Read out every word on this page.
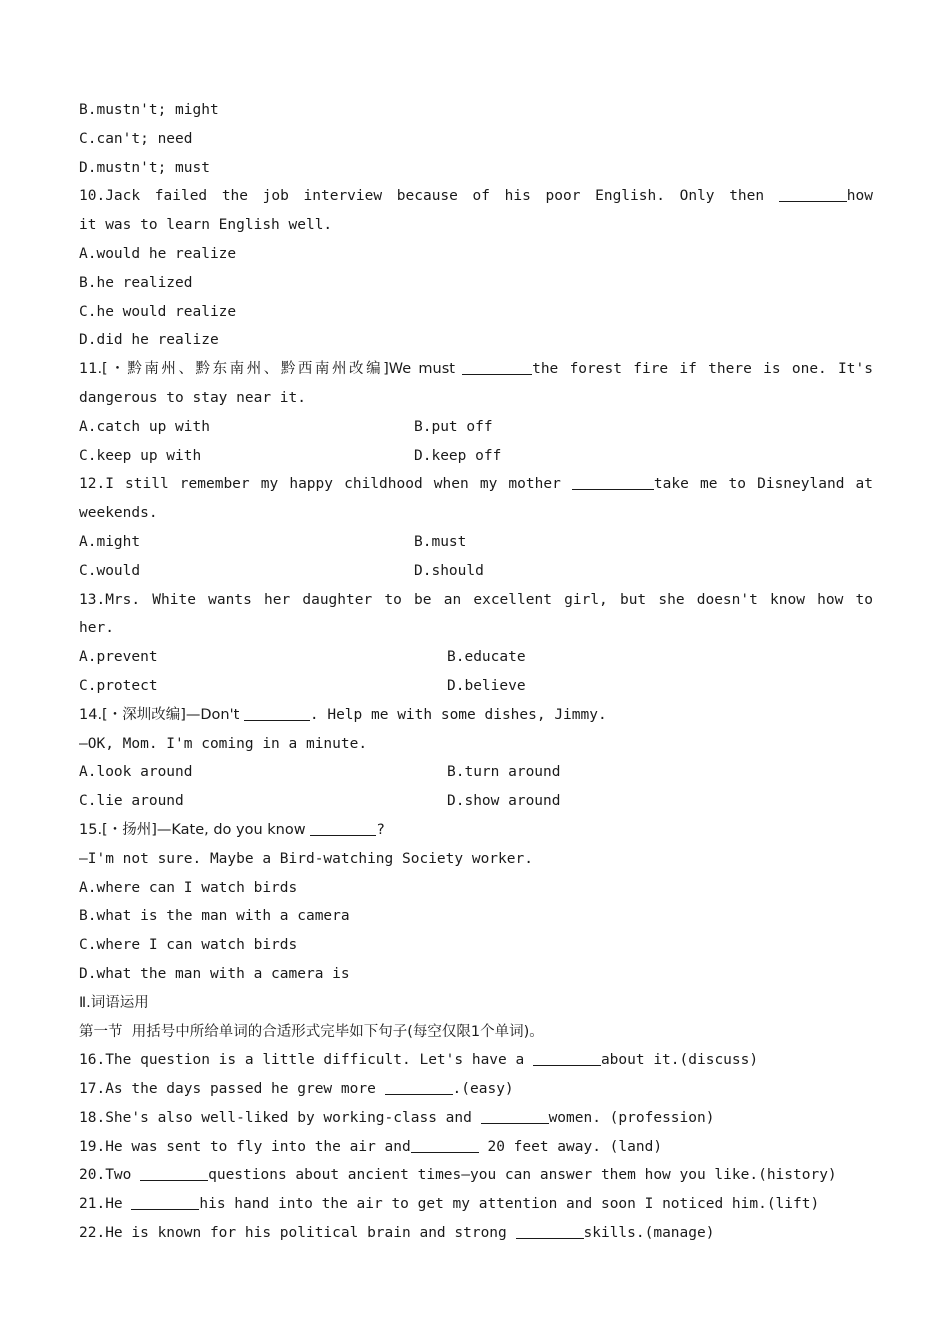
B.mustn't; might
C.can't; need
D.mustn't; must
10.Jack failed the job interview because of his poor English. Only then	how
it was to learn English well.
A.would he realize
B.he realized
C.he would realize
D.did he realize
11.[・黔南州、黔东南州、黔西南州改编]We must	the forest fire if there is one. It's
dangerous to stay near it.
A.catch up with	B.put off
C.keep up with	D.keep off
12.I still remember my happy childhood when my mother	take me to Disneyland at
weekends.
A.might	B.must
C.would	D.should
13.Mrs. White wants her daughter to be an excellent girl, but she doesn't know how to
her.
A.prevent	B.educate
C.protect	D.believe
14.[・深圳改编]—Don't	. Help me with some dishes, Jimmy.
—OK, Mom. I'm coming in a minute.
A.look around	B.turn around
C.lie around	D.show around
15.[・扬州]—Kate, do you know	?
—I'm not sure. Maybe a Bird-watching Society worker.
A.where can I watch birds
B.what is the man with a camera
C.where I can watch birds
D.what the man with a camera is
Ⅱ.词语运用
第一节  用括号中所给单词的合适形式完毕如下句子(每空仅限1个单词)。
16.The question is a little difficult. Let's have a	about it.(discuss)
17.As the days passed he grew more	.(easy)
18.She's also well-liked by working-class and	women. (profession)
19.He was sent to fly into the air and	20 feet away. (land)
20.Two	questions about ancient times—you can answer them how you like.(history)
21.He	his hand into the air to get my attention and soon I noticed him.(lift)
22.He is known for his political brain and strong	skills.(manage)
